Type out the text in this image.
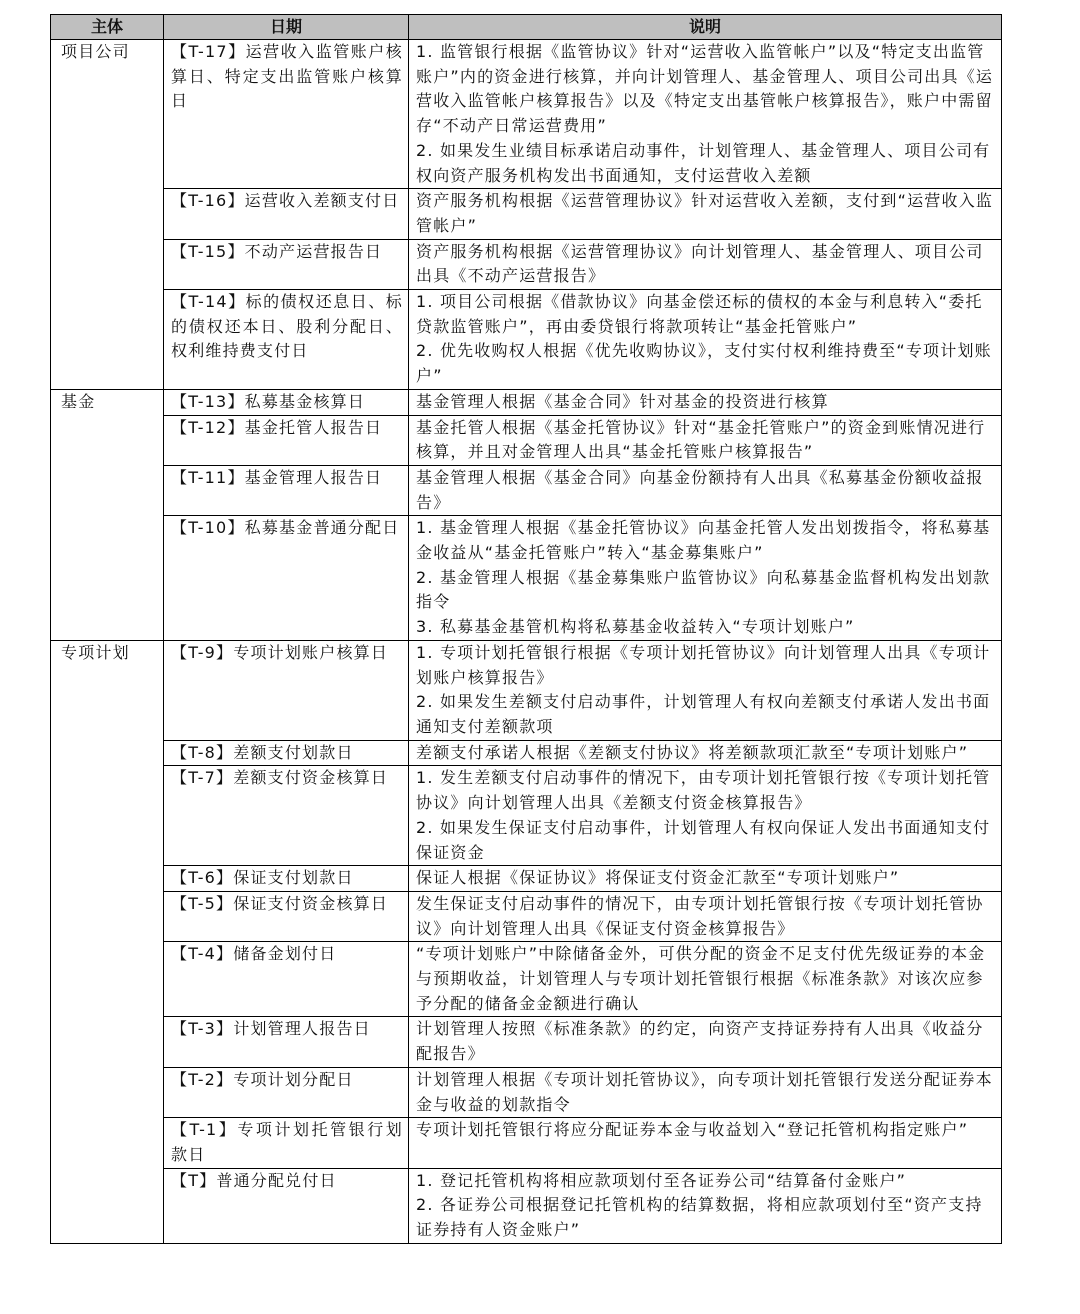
主体	日期	说明
项目公司	【T-17】运营收入监管账户核算日、特定支出监管账户核算日	1. 监管银行根据《监管协议》针对“运营收入监管帐户”以及“特定支出监管账户”内的资金进行核算，并向计划管理人、基金管理人、项目公司出具《运营收入监管帐户核算报告》以及《特定支出基管帐户核算报告》，账户中需留存“不动产日常运营费用”
2. 如果发生业绩目标承诺启动事件，计划管理人、基金管理人、项目公司有权向资产服务机构发出书面通知，支付运营收入差额

	【T-16】运营收入差额支付日	资产服务机构根据《运营管理协议》针对运营收入差额，支付到“运营收入监管帐户”

	【T-15】不动产运营报告日	资产服务机构根据《运营管理协议》向计划管理人、基金管理人、项目公司出具《不动产运营报告》

	【T-14】标的债权还息日、标的债权还本日、股利分配日、权利维持费支付日	1. 项目公司根据《借款协议》向基金偿还标的债权的本金与利息转入“委托贷款监管账户”，再由委贷银行将款项转让“基金托管账户”
2. 优先收购权人根据《优先收购协议》，支付实付权利维持费至“专项计划账户”

基金	【T-13】私募基金核算日	基金管理人根据《基金合同》针对基金的投资进行核算

	【T-12】基金托管人报告日	基金托管人根据《基金托管协议》针对“基金托管账户”的资金到账情况进行核算，并且对金管理人出具“基金托管账户核算报告”

	【T-11】基金管理人报告日	基金管理人根据《基金合同》向基金份额持有人出具《私募基金份额收益报告》

	【T-10】私募基金普通分配日	1. 基金管理人根据《基金托管协议》向基金托管人发出划拨指令，将私募基金收益从“基金托管账户”转入“基金募集账户”
2. 基金管理人根据《基金募集账户监管协议》向私募基金监督机构发出划款指令
3. 私募基金基管机构将私募基金收益转入“专项计划账户”

专项计划	【T-9】专项计划账户核算日	1. 专项计划托管银行根据《专项计划托管协议》向计划管理人出具《专项计划账户核算报告》
2. 如果发生差额支付启动事件，计划管理人有权向差额支付承诺人发出书面通知支付差额款项

	【T-8】差额支付划款日	差额支付承诺人根据《差额支付协议》将差额款项汇款至“专项计划账户”

	【T-7】差额支付资金核算日	1. 发生差额支付启动事件的情况下，由专项计划托管银行按《专项计划托管协议》向计划管理人出具《差额支付资金核算报告》
2. 如果发生保证支付启动事件，计划管理人有权向保证人发出书面通知支付保证资金

	【T-6】保证支付划款日	保证人根据《保证协议》将保证支付资金汇款至“专项计划账户”

	【T-5】保证支付资金核算日	发生保证支付启动事件的情况下，由专项计划托管银行按《专项计划托管协议》向计划管理人出具《保证支付资金核算报告》

	【T-4】储备金划付日	“专项计划账户”中除储备金外，可供分配的资金不足支付优先级证券的本金与预期收益，计划管理人与专项计划托管银行根据《标准条款》对该次应参予分配的储备金金额进行确认

	【T-3】计划管理人报告日	计划管理人按照《标准条款》的约定，向资产支持证券持有人出具《收益分配报告》

	【T-2】专项计划分配日	计划管理人根据《专项计划托管协议》，向专项计划托管银行发送分配证券本金与收益的划款指令

	【T-1】专项计划托管银行划款日	专项计划托管银行将应分配证券本金与收益划入“登记托管机构指定账户”

	【T】普通分配兑付日	1. 登记托管机构将相应款项划付至各证券公司“结算备付金账户”
2. 各证券公司根据登记托管机构的结算数据，将相应款项划付至“资产支持证券持有人资金账户”
